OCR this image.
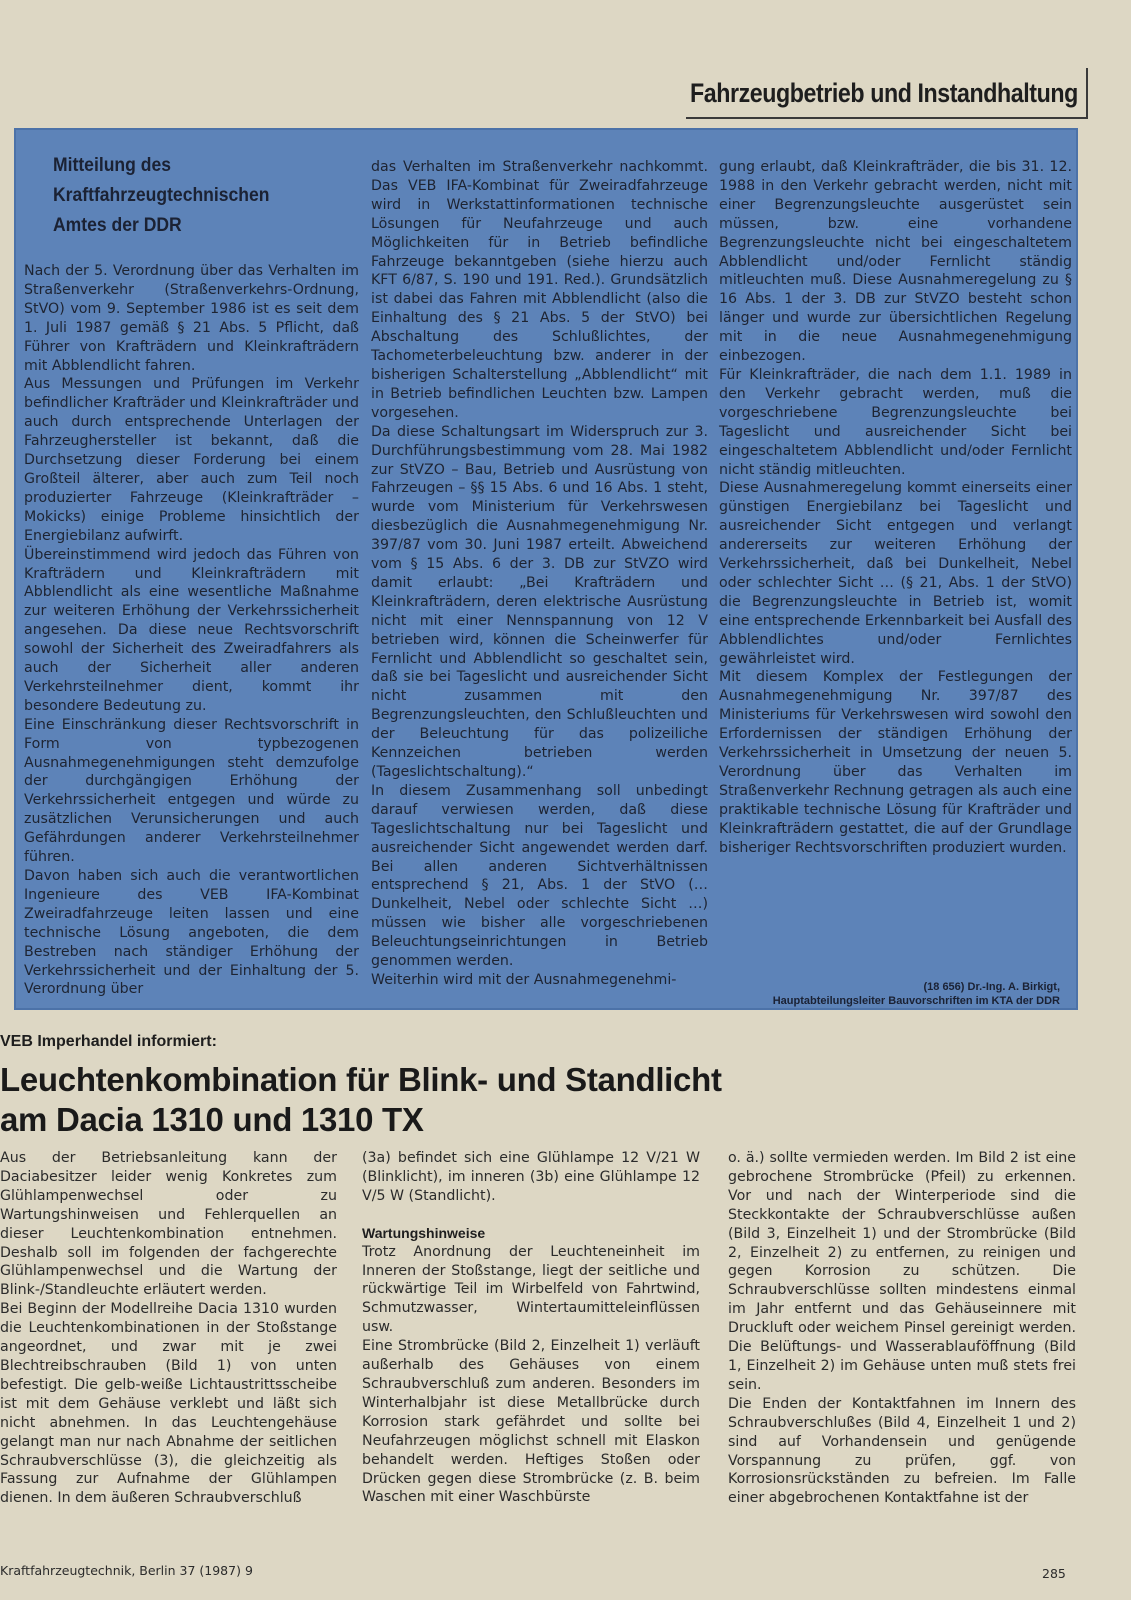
Fahrzeugbetrieb und Instandhaltung
Mitteilung des
Kraftfahrzeugtechnischen
Amtes der DDR

Nach der 5. Verordnung über das Verhalten im Straßenverkehr (Straßenverkehrs-Ordnung, StVO) vom 9. September 1986 ist es seit dem 1. Juli 1987 gemäß § 21 Abs. 5 Pflicht, daß Führer von Krafträdern und Kleinkrafträdern mit Abblendlicht fahren.

Aus Messungen und Prüfungen im Verkehr befindlicher Krafträder und Kleinkrafträder und auch durch entsprechende Unterlagen der Fahrzeughersteller ist bekannt, daß die Durchsetzung dieser Forderung bei einem Großteil älterer, aber auch zum Teil noch produzierter Fahrzeuge (Kleinkrafträder – Mokicks) einige Probleme hinsichtlich der Energiebilanz aufwirft.

Übereinstimmend wird jedoch das Führen von Krafträdern und Kleinkrafträdern mit Abblendlicht als eine wesentliche Maßnahme zur weiteren Erhöhung der Verkehrssicherheit angesehen. Da diese neue Rechtsvorschrift sowohl der Sicherheit des Zweiradfahrers als auch der Sicherheit aller anderen Verkehrsteilnehmer dient, kommt ihr besondere Bedeutung zu.

Eine Einschränkung dieser Rechtsvorschrift in Form von typbezogenen Ausnahmegenehmigungen steht demzufolge der durchgängigen Erhöhung der Verkehrssicherheit entgegen und würde zu zusätzlichen Verunsicherungen und auch Gefährdungen anderer Verkehrsteilnehmer führen.

Davon haben sich auch die verantwortlichen Ingenieure des VEB IFA-Kombinat Zweiradfahrzeuge leiten lassen und eine technische Lösung angeboten, die dem Bestreben nach ständiger Erhöhung der Verkehrssicherheit und der Einhaltung der 5. Verordnung über

das Verhalten im Straßenverkehr nachkommt. Das VEB IFA-Kombinat für Zweiradfahrzeuge wird in Werkstattinformationen technische Lösungen für Neufahrzeuge und auch Möglichkeiten für in Betrieb befindliche Fahrzeuge bekanntgeben (siehe hierzu auch KFT 6/87, S. 190 und 191. Red.). Grundsätzlich ist dabei das Fahren mit Abblendlicht (also die Einhaltung des § 21 Abs. 5 der StVO) bei Abschaltung des Schlußlichtes, der Tachometerbeleuchtung bzw. anderer in der bisherigen Schalterstellung „Abblendlicht“ mit in Betrieb befindlichen Leuchten bzw. Lampen vorgesehen.

Da diese Schaltungsart im Widerspruch zur 3. Durchführungsbestimmung vom 28. Mai 1982 zur StVZO – Bau, Betrieb und Ausrüstung von Fahrzeugen – §§ 15 Abs. 6 und 16 Abs. 1 steht, wurde vom Ministerium für Verkehrswesen diesbezüglich die Ausnahmegenehmigung Nr. 397/87 vom 30. Juni 1987 erteilt. Abweichend vom § 15 Abs. 6 der 3. DB zur StVZO wird damit erlaubt: „Bei Krafträdern und Kleinkrafträdern, deren elektrische Ausrüstung nicht mit einer Nennspannung von 12 V betrieben wird, können die Scheinwerfer für Fernlicht und Abblendlicht so geschaltet sein, daß sie bei Tageslicht und ausreichender Sicht nicht zusammen mit den Begrenzungsleuchten, den Schlußleuchten und der Beleuchtung für das polizeiliche Kennzeichen betrieben werden (Tageslichtschaltung).“

In diesem Zusammenhang soll unbedingt darauf verwiesen werden, daß diese Tageslichtschaltung nur bei Tageslicht und ausreichender Sicht angewendet werden darf. Bei allen anderen Sichtverhältnissen entsprechend § 21, Abs. 1 der StVO (… Dunkelheit, Nebel oder schlechte Sicht …) müssen wie bisher alle vorgeschriebenen Beleuchtungseinrichtungen in Betrieb genommen werden.

Weiterhin wird mit der Ausnahmegenehmi-

gung erlaubt, daß Kleinkrafträder, die bis 31. 12. 1988 in den Verkehr gebracht werden, nicht mit einer Begrenzungsleuchte ausgerüstet sein müssen, bzw. eine vorhandene Begrenzungsleuchte nicht bei eingeschaltetem Abblendlicht und/oder Fernlicht ständig mitleuchten muß. Diese Ausnahmeregelung zu § 16 Abs. 1 der 3. DB zur StVZO besteht schon länger und wurde zur übersichtlichen Regelung mit in die neue Ausnahmegenehmigung einbezogen.

Für Kleinkrafträder, die nach dem 1.1. 1989 in den Verkehr gebracht werden, muß die vorgeschriebene Begrenzungsleuchte bei Tageslicht und ausreichender Sicht bei eingeschaltetem Abblendlicht und/oder Fernlicht nicht ständig mitleuchten.

Diese Ausnahmeregelung kommt einerseits einer günstigen Energiebilanz bei Tageslicht und ausreichender Sicht entgegen und verlangt andererseits zur weiteren Erhöhung der Verkehrssicherheit, daß bei Dunkelheit, Nebel oder schlechter Sicht … (§ 21, Abs. 1 der StVO) die Begrenzungsleuchte in Betrieb ist, womit eine entsprechende Erkennbarkeit bei Ausfall des Abblendlichtes und/oder Fernlichtes gewährleistet wird.

Mit diesem Komplex der Festlegungen der Ausnahmegenehmigung Nr. 397/87 des Ministeriums für Verkehrswesen wird sowohl den Erfordernissen der ständigen Erhöhung der Verkehrssicherheit in Umsetzung der neuen 5. Verordnung über das Verhalten im Straßenverkehr Rechnung getragen als auch eine praktikable technische Lösung für Krafträder und Kleinkrafträdern gestattet, die auf der Grundlage bisheriger Rechtsvorschriften produziert wurden.

(18 656) Dr.-Ing. A. Birkigt,
Hauptabteilungsleiter Bauvorschriften im KTA der DDR
VEB Imperhandel informiert:
Leuchtenkombination für Blink- und Standlicht
am Dacia 1310 und 1310 TX

Aus der Betriebsanleitung kann der Daciabesitzer leider wenig Konkretes zum Glühlampenwechsel oder zu Wartungshinweisen und Fehlerquellen an dieser Leuchtenkombination entnehmen. Deshalb soll im folgenden der fachgerechte Glühlampenwechsel und die Wartung der Blink-/Standleuchte erläutert werden.

Bei Beginn der Modellreihe Dacia 1310 wurden die Leuchtenkombinationen in der Stoßstange angeordnet, und zwar mit je zwei Blechtreibschrauben (Bild 1) von unten befestigt. Die gelb-weiße Lichtaustrittsscheibe ist mit dem Gehäuse verklebt und läßt sich nicht abnehmen. In das Leuchtengehäuse gelangt man nur nach Abnahme der seitlichen Schraubverschlüsse (3), die gleichzeitig als Fassung zur Aufnahme der Glühlampen dienen. In dem äußeren Schraubverschluß

(3a) befindet sich eine Glühlampe 12 V/21 W (Blinklicht), im inneren (3b) eine Glühlampe 12 V/5 W (Standlicht).

Wartungshinweise

Trotz Anordnung der Leuchteneinheit im Inneren der Stoßstange, liegt der seitliche und rückwärtige Teil im Wirbelfeld von Fahrtwind, Schmutzwasser, Wintertaumitteleinflüssen usw.

Eine Strombrücke (Bild 2, Einzelheit 1) verläuft außerhalb des Gehäuses von einem Schraubverschluß zum anderen. Besonders im Winterhalbjahr ist diese Metallbrücke durch Korrosion stark gefährdet und sollte bei Neufahrzeugen möglichst schnell mit Elaskon behandelt werden. Heftiges Stoßen oder Drücken gegen diese Strombrücke (z. B. beim Waschen mit einer Waschbürste

o. ä.) sollte vermieden werden. Im Bild 2 ist eine gebrochene Strombrücke (Pfeil) zu erkennen. Vor und nach der Winterperiode sind die Steckkontakte der Schraubverschlüsse außen (Bild 3, Einzelheit 1) und der Strombrücke (Bild 2, Einzelheit 2) zu entfernen, zu reinigen und gegen Korrosion zu schützen. Die Schraubverschlüsse sollten mindestens einmal im Jahr entfernt und das Gehäuseinnere mit Druckluft oder weichem Pinsel gereinigt werden. Die Belüftungs- und Wasserablauföffnung (Bild 1, Einzelheit 2) im Gehäuse unten muß stets frei sein.

Die Enden der Kontaktfahnen im Innern des Schraubverschlußes (Bild 4, Einzelheit 1 und 2) sind auf Vorhandensein und genügende Vorspannung zu prüfen, ggf. von Korrosionsrückständen zu befreien. Im Falle einer abgebrochenen Kontaktfahne ist der

Kraftfahrzeugtechnik, Berlin 37 (1987) 9	285
